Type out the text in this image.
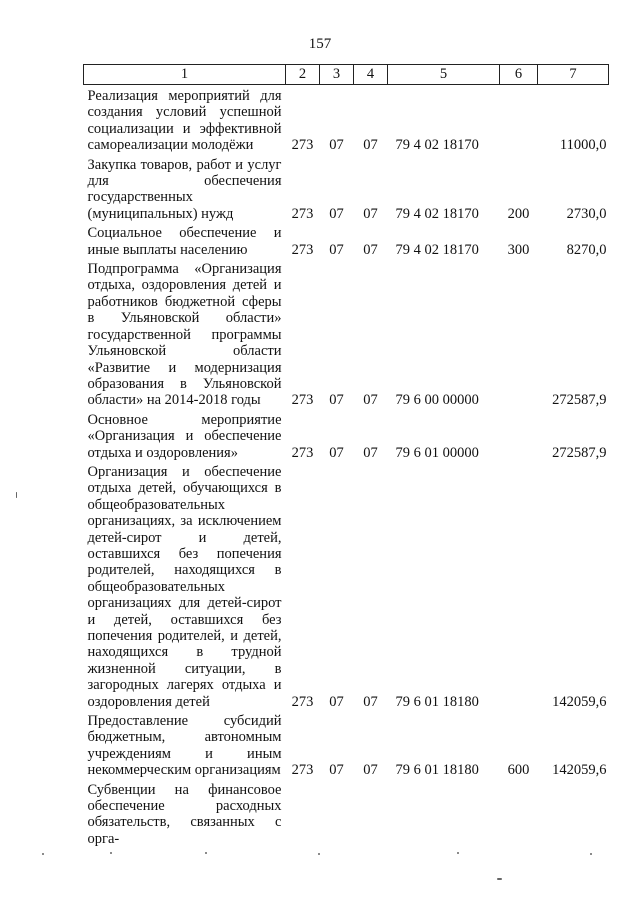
157
1	2	3	4	5	6	7
Реализация мероприятий для создания условий успешной социализации и эффективной самореализации молодёжи	273	07	07	79 4 02 18170		11000,0
Закупка товаров, работ и услуг для обеспечения государственных (муниципальных) нужд	273	07	07	79 4 02 18170	200	2730,0
Социальное обеспечение и иные выплаты населению	273	07	07	79 4 02 18170	300	8270,0
Подпрограмма «Организация отдыха, оздоровления детей и работников бюджетной сферы в Ульяновской области» государственной программы Ульяновской области «Развитие и модернизация образования в Ульяновской области» на 2014-2018 годы	273	07	07	79 6 00 00000		272587,9
Основное мероприятие «Организация и обеспечение отдыха и оздоровления»	273	07	07	79 6 01 00000		272587,9
Организация и обеспечение отдыха детей, обучающихся в общеобразовательных организациях, за исключением детей-сирот и детей, оставшихся без попечения родителей, находящихся в общеобразовательных организациях для детей-сирот и детей, оставшихся без попечения родителей, и детей, находящихся в трудной жизненной ситуации, в загородных лагерях отдыха и оздоровления детей	273	07	07	79 6 01 18180		142059,6
Предоставление субсидий бюджетным, автономным учреждениям и иным некоммерческим организациям	273	07	07	79 6 01 18180	600	142059,6
Субвенции на финансовое обеспечение расходных обязательств, связанных с орга-						
